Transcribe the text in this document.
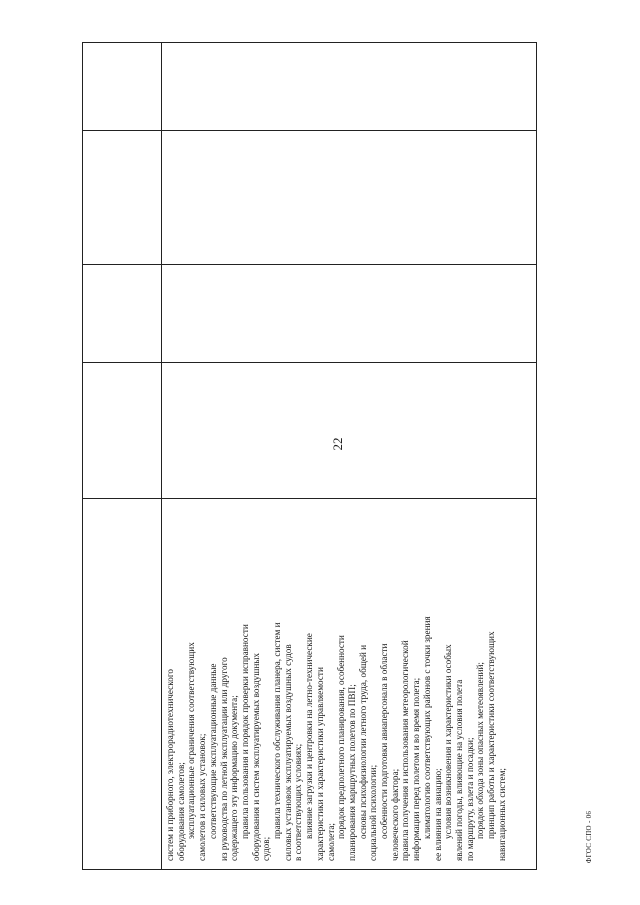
22

систем и приборного, электрорадиотехнического оборудования самолетов; эксплуатационные ограничения соответствующих самолетов и силовых установок; соответствующие эксплуатационные данные из руководства по летной эксплуатации или другого содержащего эту информацию документа; правила пользования и порядок проверки исправности оборудования и систем эксплуатируемых воздушных судов;

правила технического обслуживания планера, систем и силовых установок эксплуатируемых воздушных судов в соответствующих условиях; влияние загрузки и центровки на летно-технические характеристики и характеристики управляемости самолета;

порядок предполетного планирования, особенности планирования маршрутных полетов по ПВП; основы психофизиологии летного труда, общей и социальной психологии; особенности подготовки авиаперсонала в области человеческого фактора; правила получения и использования метеорологической информации перед полетом и во время полета; климатологию соответствующих районов с точки зрения ее влияния на авиацию; условия возникновения и характеристики особых явлений погоды, влияющие на условия полета по маршруту, взлета и посадки; порядок обхода зоны опасных метеоявлений; принцип работы и характеристики соответствующих навигационных систем;	ФГОС СПО - 06
